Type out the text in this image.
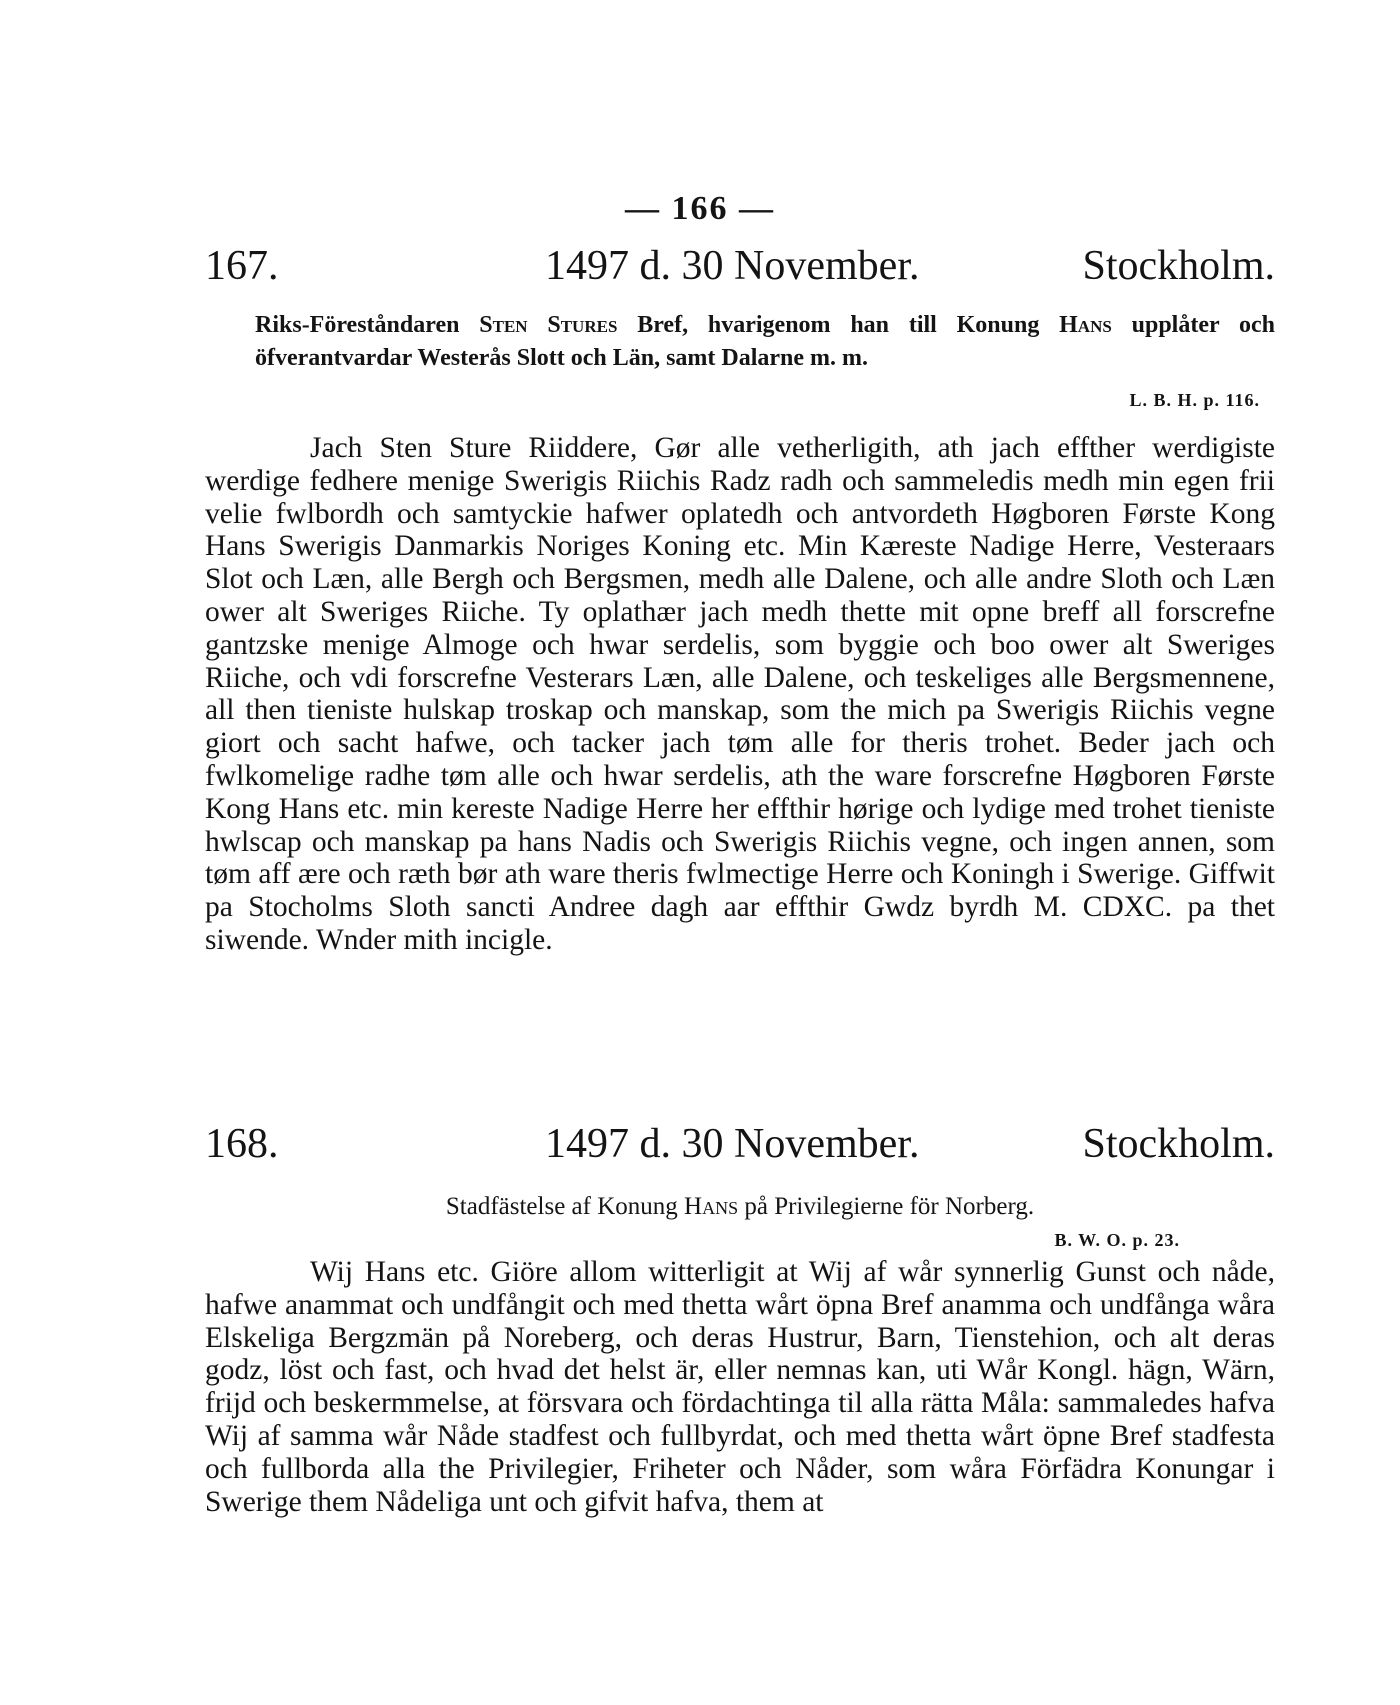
— 166 —
167.	1497 d. 30 November.	Stockholm.
Riks-Föreståndaren Sten Stures Bref, hvarigenom han till Konung Hans upplåter och öfverantvardar Westerås Slott och Län, samt Dalarne m. m.
L. B. H. p. 116.

Jach Sten Sture Riiddere, Gør alle vetherligith, ath jach effther werdigiste werdige fedhere menige Swerigis Riichis Radz radh och sammeledis medh min egen frii velie fwlbordh och samtyckie hafwer oplatedh och antvordeth Høgboren Første Kong Hans Swerigis Danmarkis Noriges Koning etc. Min Kæreste Nadige Herre, Vesteraars Slot och Læn, alle Bergh och Bergsmen, medh alle Dalene, och alle andre Sloth och Læn ower alt Sweriges Riiche. Ty oplathær jach medh thette mit opne breff all forscrefne gantzske menige Almoge och hwar serdelis, som byggie och boo ower alt Sweriges Riiche, och vdi forscrefne Vesterars Læn, alle Dalene, och teskeliges alle Bergsmennene, all then tieniste hulskap troskap och manskap, som the mich pa Swerigis Riichis vegne giort och sacht hafwe, och tacker jach tøm alle for theris trohet. Beder jach och fwlkomelige radhe tøm alle och hwar serdelis, ath the ware forscrefne Høgboren Første Kong Hans etc. min kereste Nadige Herre her effthir hørige och lydige med trohet tieniste hwlscap och manskap pa hans Nadis och Swerigis Riichis vegne, och ingen annen, som tøm aff ære och ræth bør ath ware theris fwlmectige Herre och Koningh i Swerige. Giffwit pa Stocholms Sloth sancti Andree dagh aar effthir Gwdz byrdh M. CDXC. pa thet siwende. Wnder mith incigle.

168.	1497 d. 30 November.	Stockholm.
Stadfästelse af Konung Hans på Privilegierne för Norberg.
B. W. O. p. 23.

Wij Hans etc. Giöre allom witterligit at Wij af wår synnerlig Gunst och nåde, hafwe anammat och undfångit och med thetta wårt öpna Bref anamma och undfånga wåra Elskeliga Bergzmän på Noreberg, och deras Hustrur, Barn, Tienstehion, och alt deras godz, löst och fast, och hvad det helst är, eller nemnas kan, uti Wår Kongl. hägn, Wärn, frijd och beskermmelse, at försvara och fördachtinga til alla rätta Måla: sammaledes hafva Wij af samma wår Nåde stadfest och fullbyrdat, och med thetta wårt öpne Bref stadfesta och fullborda alla the Privilegier, Friheter och Nåder, som wåra Förfädra Konungar i Swerige them Nådeliga unt och gifvit hafva, them at
